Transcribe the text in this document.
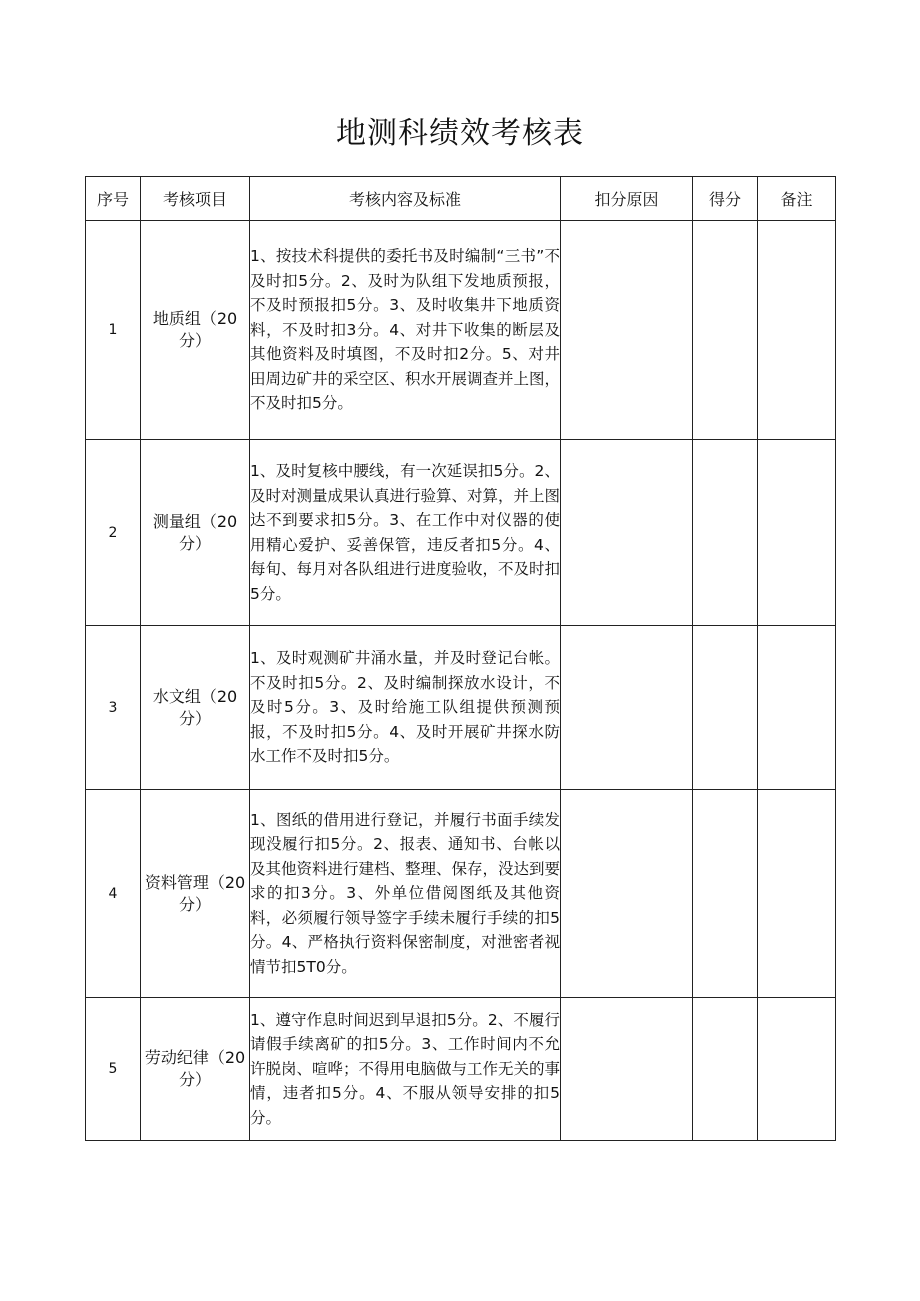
地测科绩效考核表
序号	考核项目	考核内容及标准	扣分原因	得分	备注
1	地质组（20分）	1、按技术科提供的委托书及时编制“三书”不及时扣5分。2、及时为队组下发地质预报，不及时预报扣5分。3、及时收集井下地质资料，不及时扣3分。4、对井下收集的断层及其他资料及时填图，不及时扣2分。5、对井田周边矿井的采空区、积水开展调查并上图，不及时扣5分。			
2	测量组（20分）	1、及时复核中腰线，有一次延误扣5分。2、及时对测量成果认真进行验算、对算，并上图达不到要求扣5分。3、在工作中对仪器的使用精心爱护、妥善保管，违反者扣5分。4、每旬、每月对各队组进行进度验收，不及时扣5分。			
3	水文组（20分）	1、及时观测矿井涌水量，并及时登记台帐。不及时扣5分。2、及时编制探放水设计，不及时5分。3、及时给施工队组提供预测预报，不及时扣5分。4、及时开展矿井探水防水工作不及时扣5分。			
4	资料管理（20分）	1、图纸的借用进行登记，并履行书面手续发现没履行扣5分。2、报表、通知书、台帐以及其他资料进行建档、整理、保存，没达到要求的扣3分。3、外单位借阅图纸及其他资料，必须履行领导签字手续未履行手续的扣5分。4、严格执行资料保密制度，对泄密者视情节扣5T0分。			
5	劳动纪律（20分）	1、遵守作息时间迟到早退扣5分。2、不履行请假手续离矿的扣5分。3、工作时间内不允许脱岗、喧哗；不得用电脑做与工作无关的事情，违者扣5分。4、不服从领导安排的扣5分。			
